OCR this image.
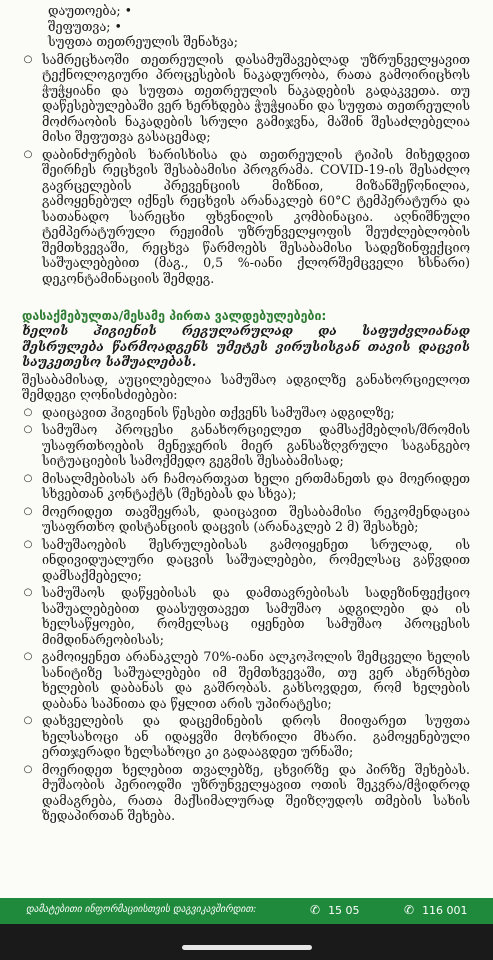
დაუთოება; •
შეფუთვა; •
სუფთა თეთრეულის შენახვა;
○ სამრეცხაოში თეთრეულის დასამუშავებლად უზრუნველყავით ტექნოლოგიური პროცესების ნაკადურობა, რათა გამოირიცხოს ჭუჭყიანი და სუფთა თეთრეულის ნაკადების გადაკვეთა. თუ დაწესებულებაში ვერ ხერხდება ჭუჭყიანი და სუფთა თეთრეულის მოძრაობის ნაკადების სრული გამიჯვნა, მაშინ შესაძლებელია მისი შეფუთვა გასაცემად;
○ დაბინძურების ხარისხისა და თეთრეულის ტიპის მიხედვით შეირჩეს რეცხვის შესაბამისი პროგრამა. COVID-19-ის შესაძლო გავრცელების პრევენციის მიზნით, მიზანშეწონილია, გამოყენებულ იქნეს რეცხვის არანაკლებ 60°C ტემპერატურა და სათანადო სარეცხი ფხვნილის კომბინაცია. აღნიშნული ტემპერატურული რეჟიმის უზრუნველყოფის შეუძლებლობის შემთხვევაში, რეცხვა წარმოებს შესაბამისი სადეზინფექციო საშუალებებით (მაგ., 0,5 %-იანი ქლორშემცველი ხსნარი) დეკონტამინაციის შემდეგ.
დასაქმებულთა/მესამე პირთა ვალდებულებები:
ხელის ჰიგიენის რეგულარულად და საფუძვლიანად შესრულება წარმოადგენს უმეტეს ვირუსისგან თავის დაცვის საუკეთესო საშუალებას.
შესაბამისად, აუცილებელია სამუშაო ადგილზე განახორციელოთ შემდეგი ღონისძიებები:
○ დაიცავით ჰიგიენის წესები თქვენს სამუშაო ადგილზე;
○ სამუშაო პროცესი განახორციელეთ დამსაქმებლის/შრომის უსაფრთხოების მენეჯერის მიერ განსაზღვრული საგანგებო სიტუაციების სამოქმედო გეგმის შესაბამისად;
○ მისალმებისას არ ჩამოართვათ ხელი ერთმანეთს და მოერიდეთ სხვებთან კონტაქტს (შეხებას და სხვა);
○ მოერიდეთ თავშეყრას, დაიცავით შესაბამისი რეკომენდაცია უსაფრთხო დისტანციის დაცვის (არანაკლებ 2 მ) შესახებ;
○ სამუშაოების შესრულებისას გამოიყენეთ სრულად, ის ინდივიდუალური დაცვის საშუალებები, რომელსაც გაწვდით დამსაქმებელი;
○ სამუშაოს დაწყებისას და დამთავრებისას სადეზინფექციო საშუალებებით დაასუფთავეთ სამუშაო ადგილები და ის ხელსაწყოები, რომელსაც იყენებთ სამუშაო პროცესის მიმდინარეობისას;
○ გამოიყენეთ არანაკლებ 70%-იანი ალკოჰოლის შემცველი ხელის სანიტიზე საშუალებები იმ შემთხვევაში, თუ ვერ ახერხებთ ხელების დაბანას და გაშრობას. გახსოვდეთ, რომ ხელების დაბანა საპნითა და წყლით არის უპირატესი;
○ დახველების და დაცემინების დროს მიიფარეთ სუფთა ხელსახოცი ან იდაყვში მოხრილი მხარი. გამოყენებული ერთჯერადი ხელსახოცი კი გადააგდეთ ურნაში;
○ მოერიდეთ ხელებით თვალებზე, ცხვირზე და პირზე შეხებას. მუშაობის პერიოდში უზრუნველყავით ოთის შეკვრა/მჭიდროდ დამაგრება, რათა მაქსიმალურად შეიზღუდოს თმების სახის ზედაპირთან შეხება.
დამატებითი ინფორმაციისთვის დაგვიკავშირდით:	✆ 15 05	✆ 116 001
